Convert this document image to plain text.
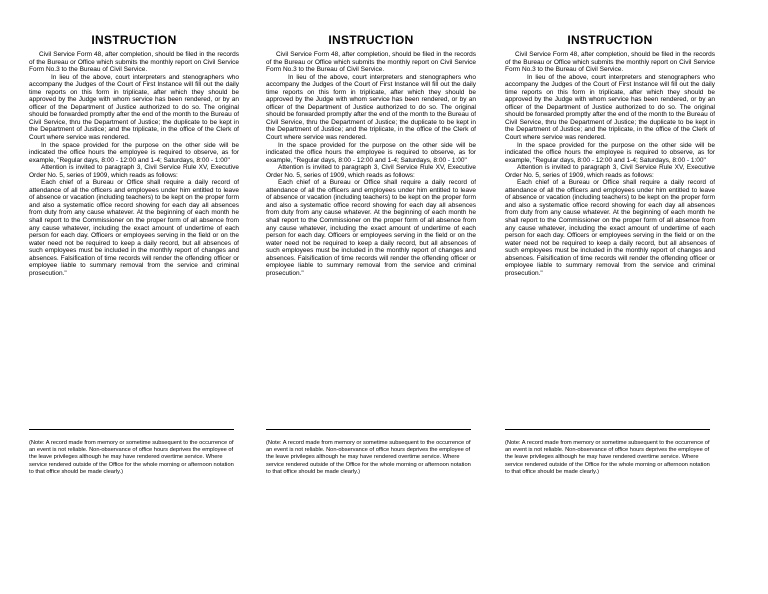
INSTRUCTION

Civil Service Form 48, after completion, should be filed in the records of the Bureau or Office which submits the monthly report on Civil Service Form No.3 to the Bureau of Civil Service.

In lieu of the above, court interpreters and stenographers who accompany the Judges of the Court of First Instance will fill out the daily time reports on this form in triplicate, after which they should be approved by the Judge with whom service has been rendered, or by an officer of the Department of Justice authorized to do so. The original should be forwarded promptly after the end of the month to the Bureau of Civil Service, thru the Department of Justice; the duplicate to be kept in the Department of Justice; and the triplicate, in the office of the Clerk of Court where service was rendered.

In the space provided for the purpose on the other side will be indicated the office hours the employee is required to observe, as for example, "Regular days, 8:00 - 12:00 and 1-4; Saturdays, 8:00 - 1:00"

Attention is invited to paragraph 3, Civil Service Rule XV, Executive Order No. 5, series of 1909, which reads as follows:

Each chief of a Bureau or Office shall require a daily record of attendance of all the officers and employees under him entitled to leave of absence or vacation (including teachers) to be kept on the proper form and also a systematic office record showing for each day all absences from duty from any cause whatever. At the beginning of each month he shall report to the Commissioner on the proper form of all absence from any cause whatever, including the exact amount of undertime of each person for each day. Officers or employees serving in the field or on the water need not be required to keep a daily record, but all absences of such employees must be included in the monthly report of changes and absences. Falsification of time records will render the offending officer or employee liable to summary removal from the service and criminal prosecution."

(Note: A record made from memory or sometime subsequent to the occurrence of an event is not reliable. Non-observance of office hours deprives the employee of the leave privileges although he may have rendered overtime service. Where service rendered outside of the Office for the whole morning or afternoon notation to that office should be made clearly.)

INSTRUCTION

Civil Service Form 48, after completion, should be filed in the records of the Bureau or Office which submits the monthly report on Civil Service Form No.3 to the Bureau of Civil Service.

In lieu of the above, court interpreters and stenographers who accompany the Judges of the Court of First Instance will fill out the daily time reports on this form in triplicate, after which they should be approved by the Judge with whom service has been rendered, or by an officer of the Department of Justice authorized to do so. The original should be forwarded promptly after the end of the month to the Bureau of Civil Service, thru the Department of Justice; the duplicate to be kept in the Department of Justice; and the triplicate, in the office of the Clerk of Court where service was rendered.

In the space provided for the purpose on the other side will be indicated the office hours the employee is required to observe, as for example, "Regular days, 8:00 - 12:00 and 1-4; Saturdays, 8:00 - 1:00"

Attention is invited to paragraph 3, Civil Service Rule XV, Executive Order No. 5, series of 1909, which reads as follows:

Each chief of a Bureau or Office shall require a daily record of attendance of all the officers and employees under him entitled to leave of absence or vacation (including teachers) to be kept on the proper form and also a systematic office record showing for each day all absences from duty from any cause whatever. At the beginning of each month he shall report to the Commissioner on the proper form of all absence from any cause whatever, including the exact amount of undertime of each person for each day. Officers or employees serving in the field or on the water need not be required to keep a daily record, but all absences of such employees must be included in the monthly report of changes and absences. Falsification of time records will render the offending officer or employee liable to summary removal from the service and criminal prosecution."

(Note: A record made from memory or sometime subsequent to the occurrence of an event is not reliable. Non-observance of office hours deprives the employee of the leave privileges although he may have rendered overtime service. Where service rendered outside of the Office for the whole morning or afternoon notation to that office should be made clearly.)

INSTRUCTION

Civil Service Form 48, after completion, should be filed in the records of the Bureau or Office which submits the monthly report on Civil Service Form No.3 to the Bureau of Civil Service.

In lieu of the above, court interpreters and stenographers who accompany the Judges of the Court of First Instance will fill out the daily time reports on this form in triplicate, after which they should be approved by the Judge with whom service has been rendered, or by an officer of the Department of Justice authorized to do so. The original should be forwarded promptly after the end of the month to the Bureau of Civil Service, thru the Department of Justice; the duplicate to be kept in the Department of Justice; and the triplicate, in the office of the Clerk of Court where service was rendered.

In the space provided for the purpose on the other side will be indicated the office hours the employee is required to observe, as for example, "Regular days, 8:00 - 12:00 and 1-4; Saturdays, 8:00 - 1:00"

Attention is invited to paragraph 3, Civil Service Rule XV, Executive Order No. 5, series of 1909, which reads as follows:

Each chief of a Bureau or Office shall require a daily record of attendance of all the officers and employees under him entitled to leave of absence or vacation (including teachers) to be kept on the proper form and also a systematic office record showing for each day all absences from duty from any cause whatever. At the beginning of each month he shall report to the Commissioner on the proper form of all absence from any cause whatever, including the exact amount of undertime of each person for each day. Officers or employees serving in the field or on the water need not be required to keep a daily record, but all absences of such employees must be included in the monthly report of changes and absences. Falsification of time records will render the offending officer or employee liable to summary removal from the service and criminal prosecution."

(Note: A record made from memory or sometime subsequent to the occurrence of an event is not reliable. Non-observance of office hours deprives the employee of the leave privileges although he may have rendered overtime service. Where service rendered outside of the Office for the whole morning or afternoon notation to that office should be made clearly.)
